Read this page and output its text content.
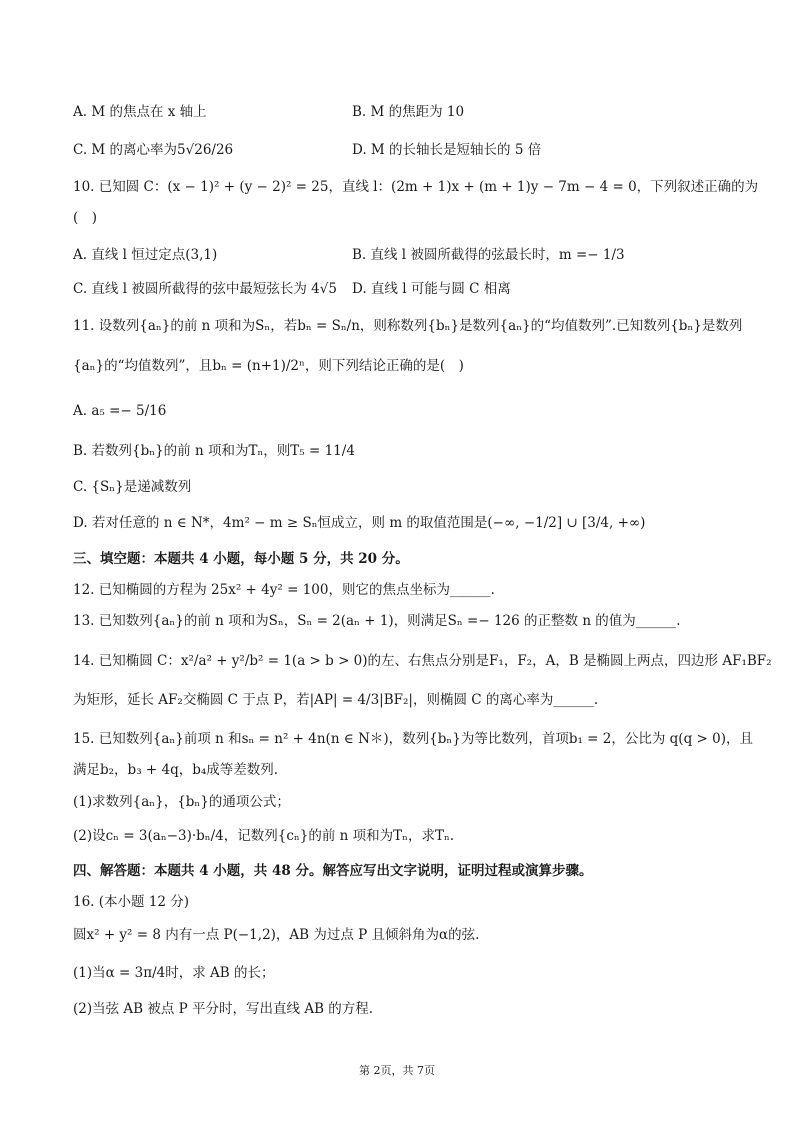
A. M 的焦点在 x 轴上	B. M 的焦距为 10
C. M 的离心率为5√26/26	D. M 的长轴长是短轴长的 5 倍
10. 已知圆 C：(x − 1)² + (y − 2)² = 25，直线 l：(2m + 1)x + (m + 1)y − 7m − 4 = 0，下列叙述正确的为
(　)
A. 直线 l 恒过定点(3,1)	B. 直线 l 被圆所截得的弦最长时，m =− 1/3
C. 直线 l 被圆所截得的弦中最短弦长为 4√5 D. 直线 l 可能与圆 C 相离
11. 设数列{aₙ}的前 n 项和为Sₙ，若bₙ = Sₙ/n，则称数列{bₙ}是数列{aₙ}的“均值数列”.已知数列{bₙ}是数列
{aₙ}的“均值数列”，且bₙ = (n+1)/2ⁿ，则下列结论正确的是(　)
A. a₅ =− 5/16
B. 若数列{bₙ}的前 n 项和为Tₙ，则T₅ = 11/4
C. {Sₙ}是递减数列
D. 若对任意的 n ∈ N*，4m² − m ≥ Sₙ恒成立，则 m 的取值范围是(−∞, −1/2] ∪ [3/4, +∞)
三、填空题：本题共 4 小题，每小题 5 分，共 20 分。
12. 已知椭圆的方程为 25x² + 4y² = 100，则它的焦点坐标为______.
13. 已知数列{aₙ}的前 n 项和为Sₙ，Sₙ = 2(aₙ + 1)，则满足Sₙ =− 126 的正整数 n 的值为______.
14. 已知椭圆 C：x²/a² + y²/b² = 1(a > b > 0)的左、右焦点分别是F₁，F₂，A，B 是椭圆上两点，四边形 AF₁BF₂
为矩形，延长 AF₂交椭圆 C 于点 P，若|AP| = 4/3|BF₂|，则椭圆 C 的离心率为______.
15. 已知数列{aₙ}前项 n 和sₙ = n² + 4n(n ∈ N＊)，数列{bₙ}为等比数列，首项b₁ = 2，公比为 q(q > 0)，且
满足b₂，b₃ + 4q，b₄成等差数列.
(1)求数列{aₙ}，{bₙ}的通项公式；
(2)设cₙ = 3(aₙ−3)·bₙ/4，记数列{cₙ}的前 n 项和为Tₙ，求Tₙ.
四、解答题：本题共 4 小题，共 48 分。解答应写出文字说明，证明过程或演算步骤。
16. (本小题 12 分)
圆x² + y² = 8 内有一点 P(−1,2)，AB 为过点 P 且倾斜角为α的弦.
(1)当α = 3π/4时，求 AB 的长；
(2)当弦 AB 被点 P 平分时，写出直线 AB 的方程.
第 2页，共 7页
